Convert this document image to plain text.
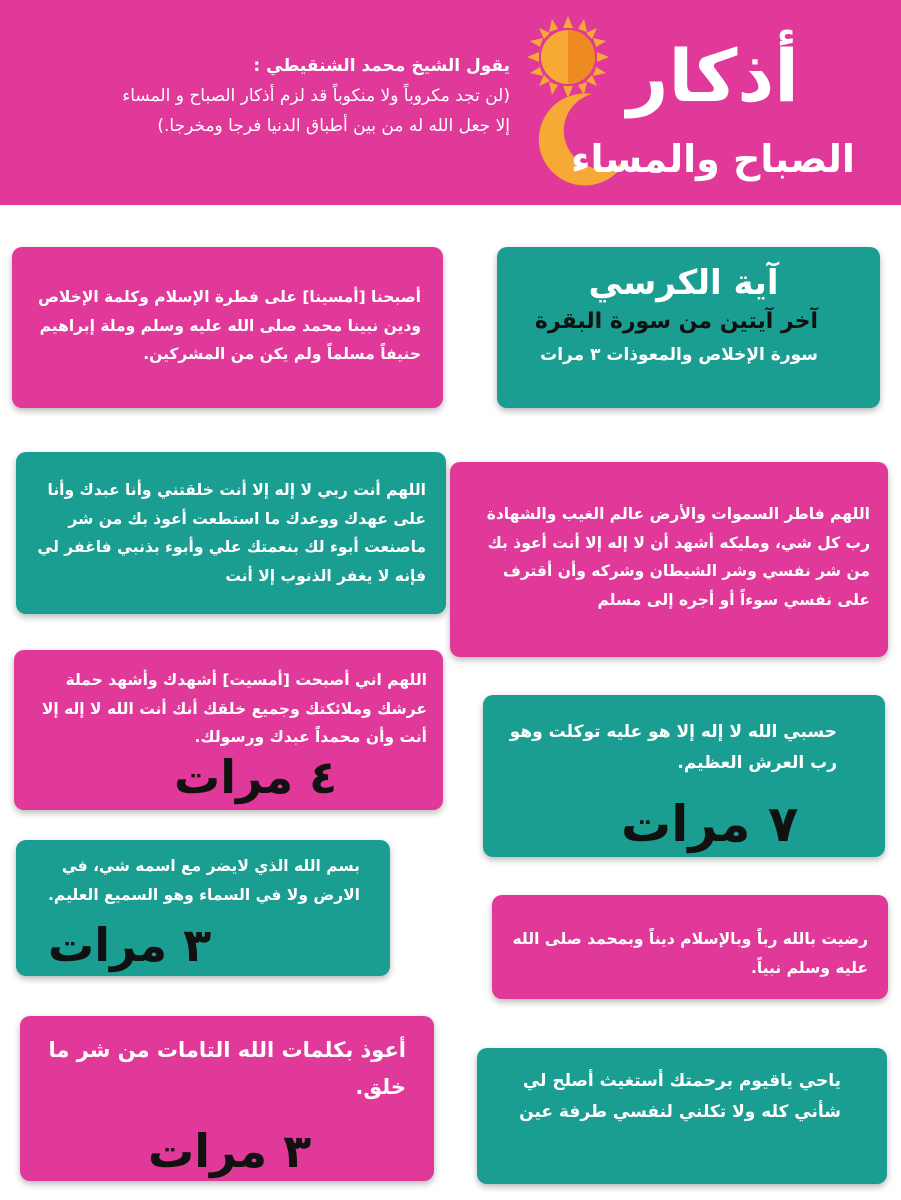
أذكار
الصباح والمساء
يقول الشيخ محمد الشنقيطي :
(لن تجد مكروباً ولا منكوباً قد لزم أذكار الصباح و المساء
إلا جعل الله له من بين أطباق الدنيا فرجا ومخرجا.)
أصبحنا [أمسينا] على فطرة الإسلام وكلمة الإخلاص ودين نبينا محمد صلى الله عليه وسلم وملة إبراهيم حنيفاً مسلماً ولم يكن من المشركين.
آية الكرسي
آخر آيتين من سورة البقرة
سورة الإخلاص والمعوذات ٣ مرات
اللهم أنت ربي لا إله إلا أنت خلقتني وأنا عبدك وأنا على عهدك ووعدك ما استطعت أعوذ بك من شر ماصنعت أبوء لك بنعمتك علي وأبوء بذنبي فاغفر لي فإنه لا يغفر الذنوب إلا أنت
اللهم فاطر السموات والأرض عالم الغيب والشهادة رب كل شي، ومليكه أشهد أن لا إله إلا أنت أعوذ بك من شر نفسي وشر الشيطان وشركه وأن أقترف على نفسي سوءاً أو أجره إلى مسلم
اللهم اني أصبحت [أمسيت] أشهدك وأشهد حملة عرشك وملائكتك وجميع خلقك أنك أنت الله لا إله إلا أنت وأن محمداً عبدك ورسولك.
٤ مرات
حسبي الله لا إله إلا هو عليه توكلت وهو رب العرش العظيم.
٧ مرات
بسم الله الذي لايضر مع اسمه شي، في الارض ولا في السماء وهو السميع العليم.
٣ مرات	رضيت بالله رباً وبالإسلام ديناً وبمحمد صلى الله عليه وسلم نبياً.
أعوذ بكلمات الله التامات من شر ما خلق.
٣ مرات
ياحي ياقيوم برحمتك أستغيث أصلح لي شأني كله ولا تكلني لنفسي طرفة عين
